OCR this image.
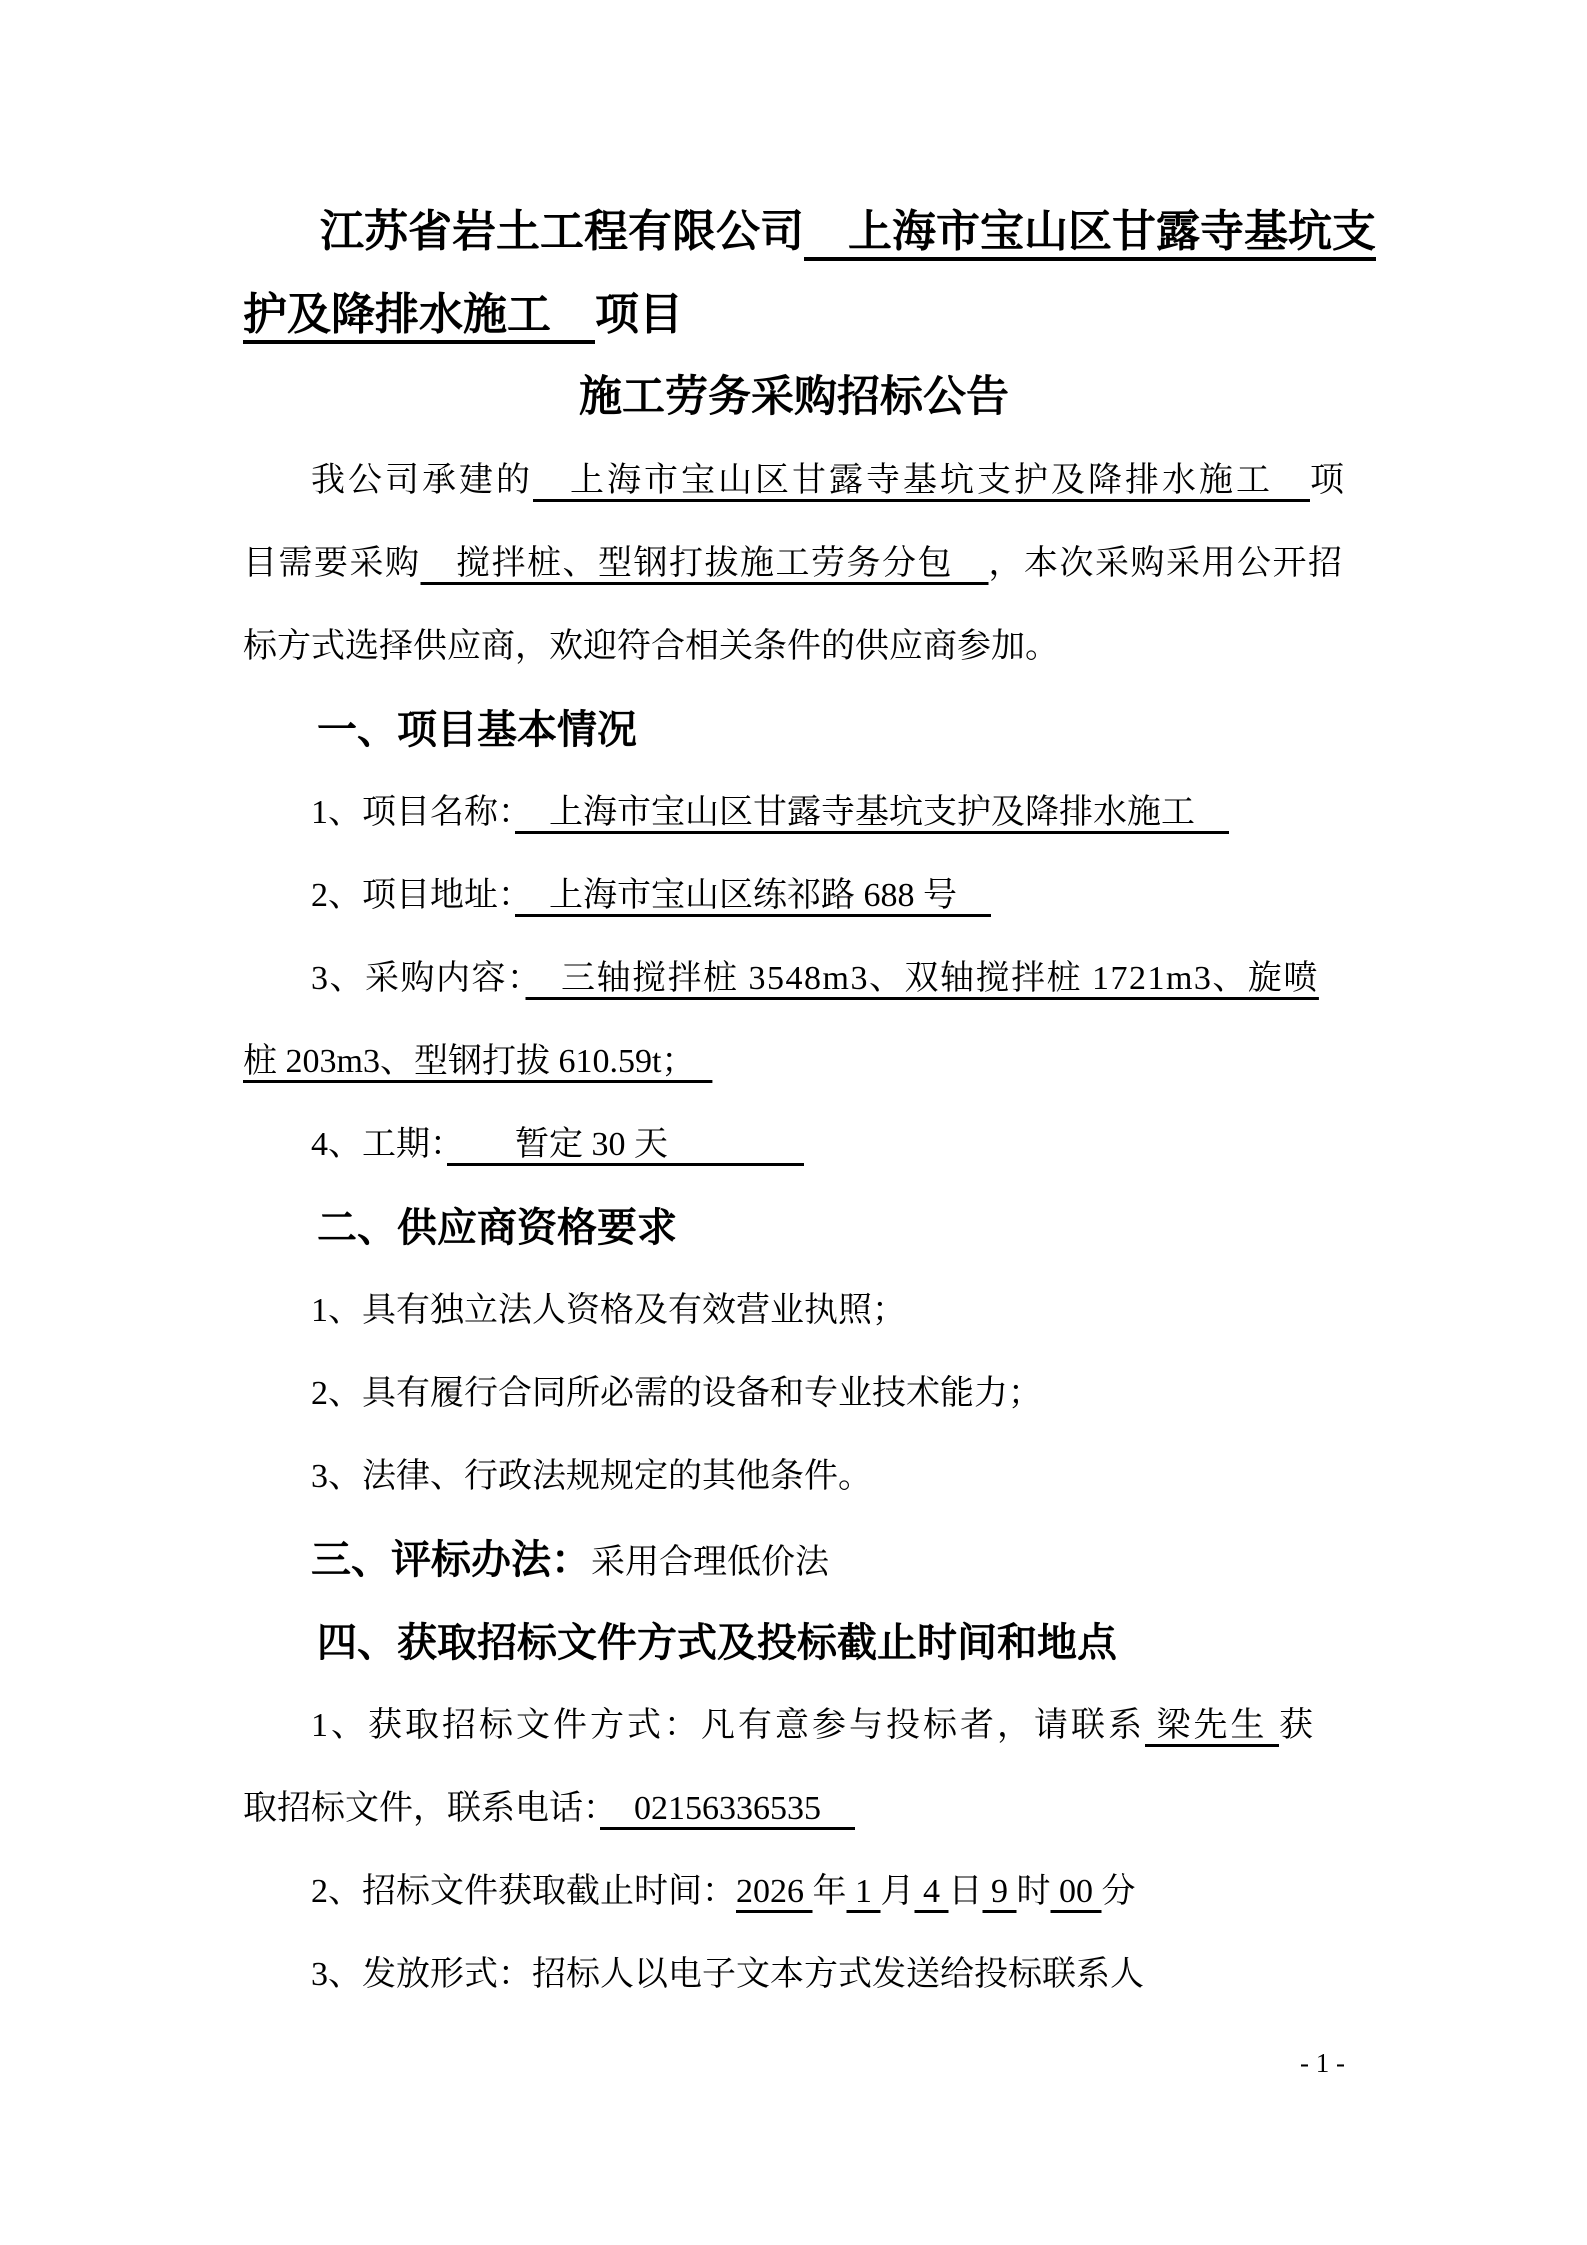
江苏省岩土工程有限公司　上海市宝山区甘露寺基坑支
护及降排水施工　项目
施工劳务采购招标公告
我公司承建的　上海市宝山区甘露寺基坑支护及降排水施工　项
目需要采购　搅拌桩、型钢打拔施工劳务分包　，本次采购采用公开招
标方式选择供应商，欢迎符合相关条件的供应商参加。
一、项目基本情况
1、项目名称：　上海市宝山区甘露寺基坑支护及降排水施工　
2、项目地址：　上海市宝山区练祁路 688 号　
3、采购内容：　三轴搅拌桩 3548m3、双轴搅拌桩 1721m3、旋喷
桩 203m3、型钢打拔 610.59t；　
4、工期：　　暂定 30 天　　　　
二、供应商资格要求
1、具有独立法人资格及有效营业执照；
2、具有履行合同所必需的设备和专业技术能力；
3、法律、行政法规规定的其他条件。
三、评标办法：采用合理低价法
四、获取招标文件方式及投标截止时间和地点
1、获取招标文件方式：凡有意参与投标者，请联系 梁先生 获
取招标文件，联系电话：　02156336535　
2、招标文件获取截止时间：2026 年 1 月 4 日 9 时 00 分
3、发放形式：招标人以电子文本方式发送给投标联系人
- 1 -
